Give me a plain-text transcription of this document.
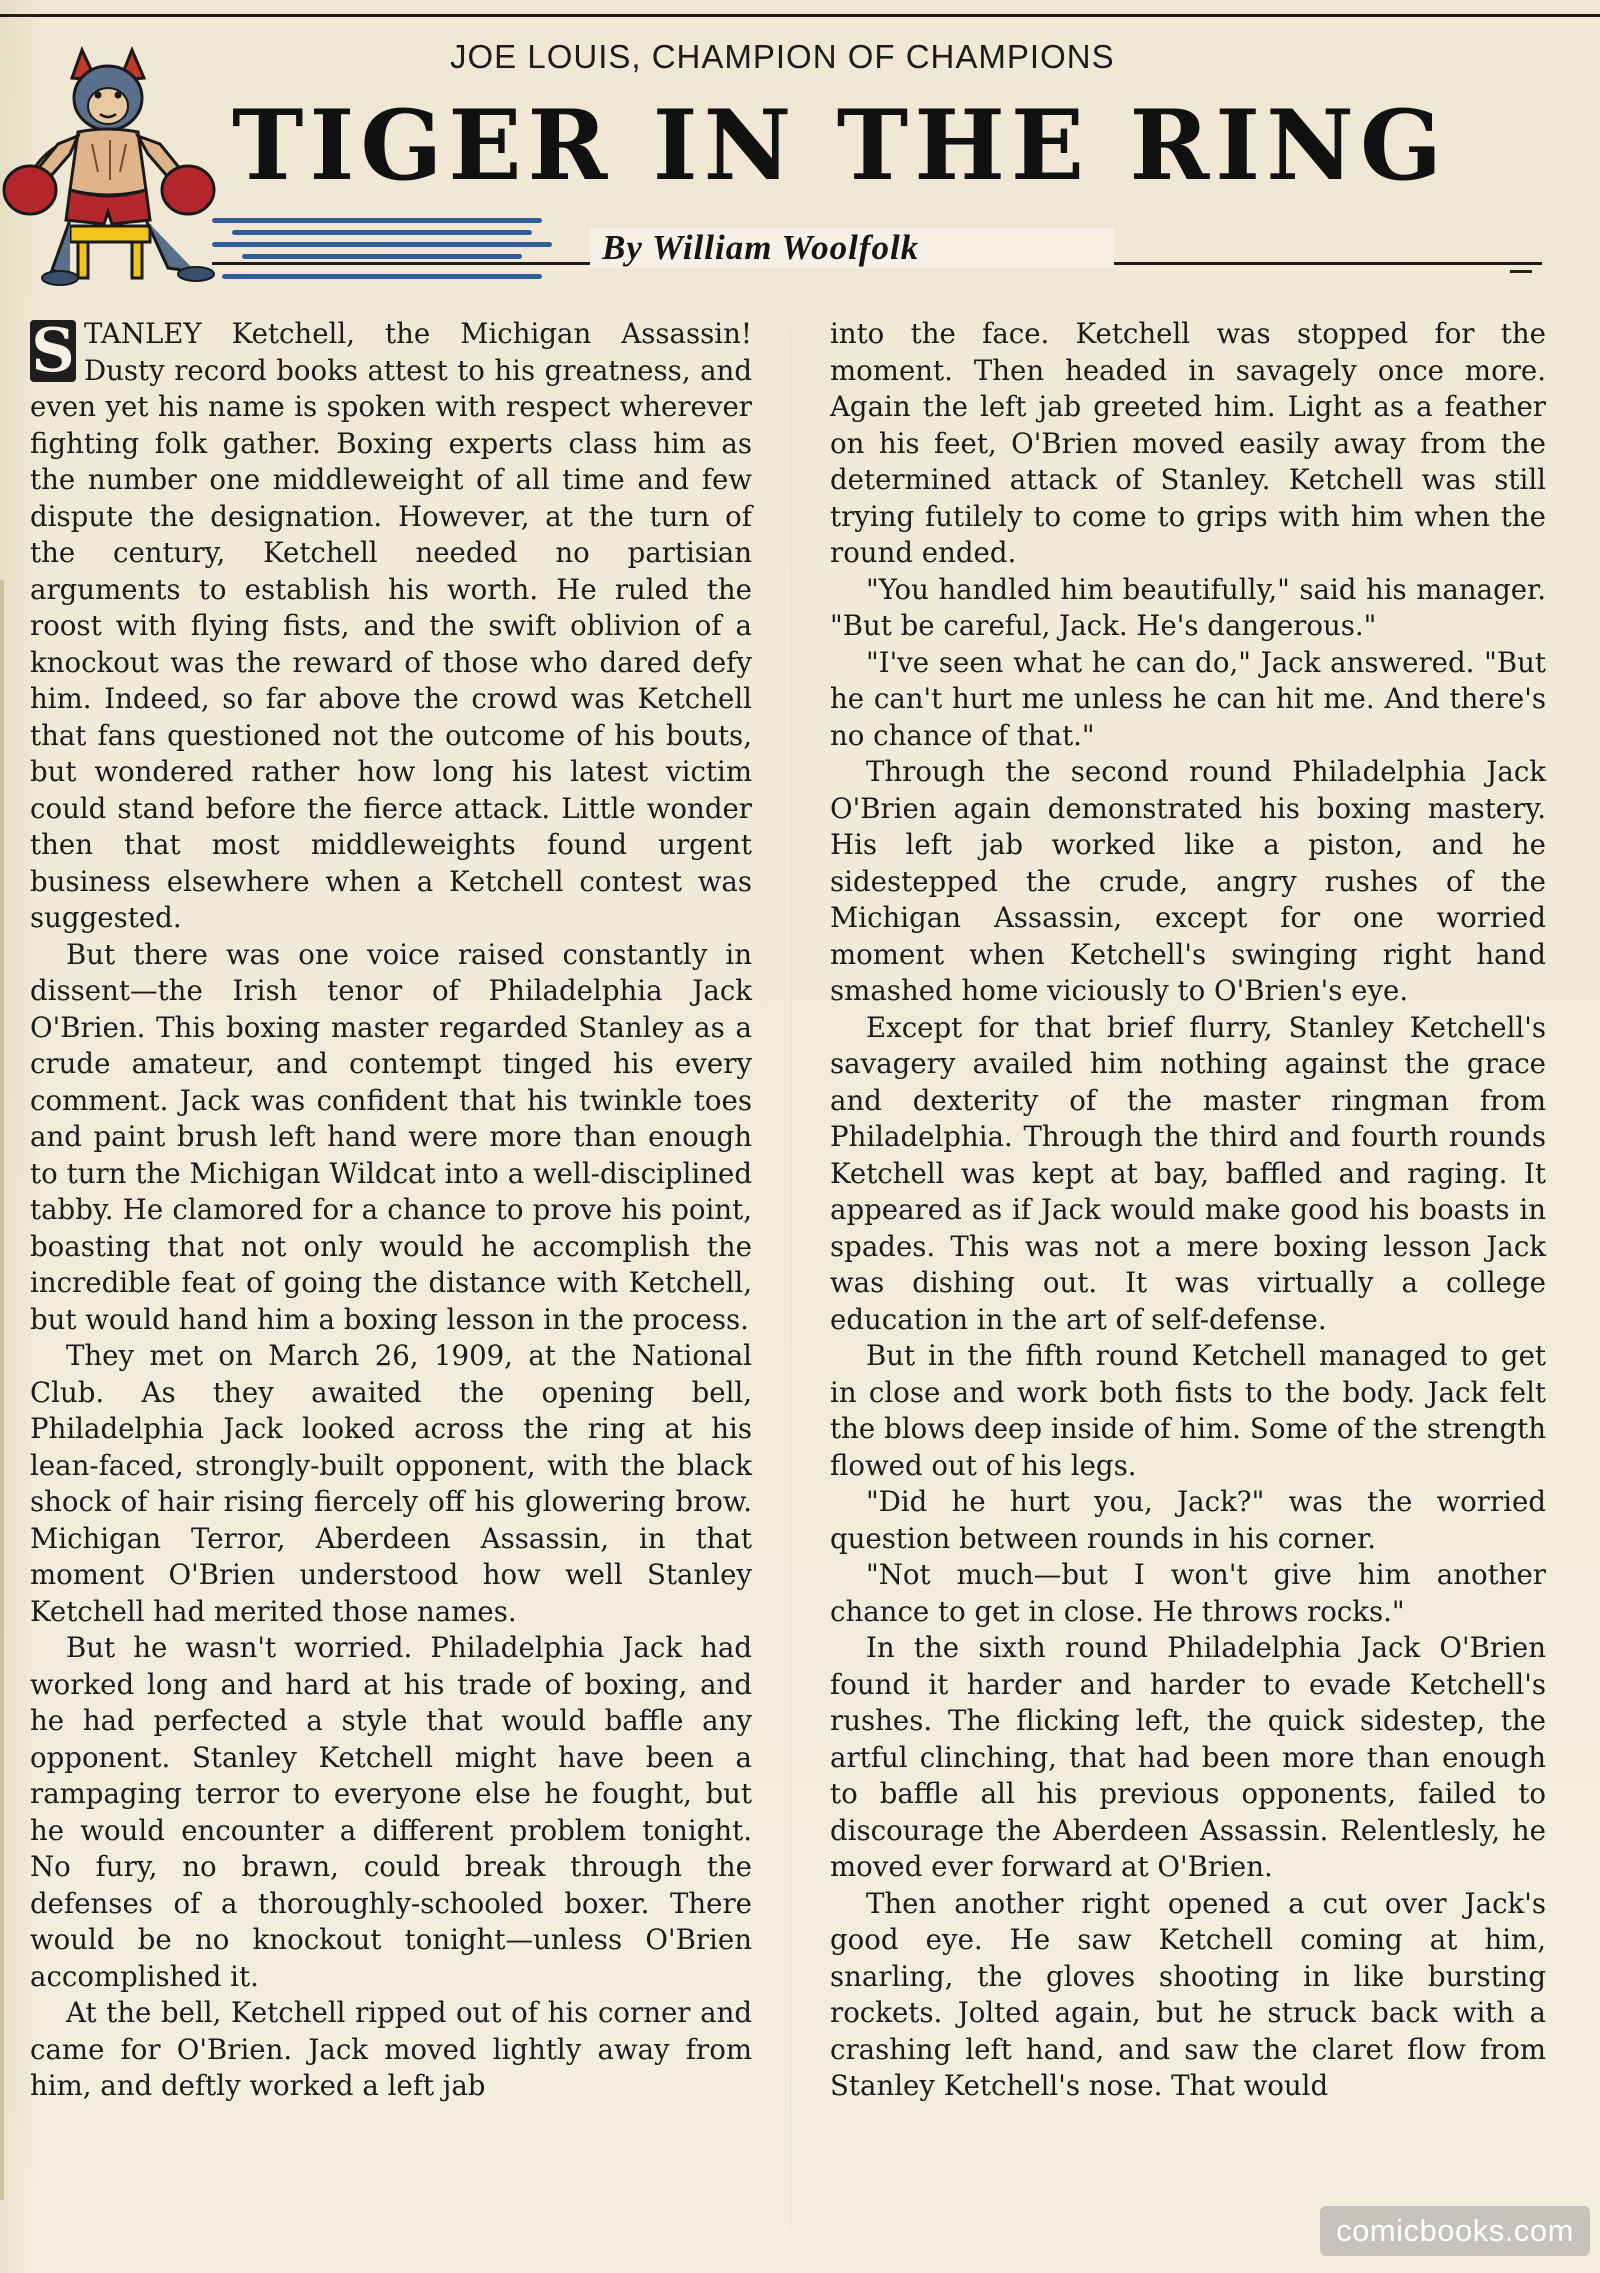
JOE LOUIS, CHAMPION OF CHAMPIONS
TIGER IN THE RING
By William Woolfolk

S TANLEY Ketchell, the Michigan Assassin! Dusty record books attest to his greatness, and even yet his name is spoken with respect wherever fighting folk gather. Boxing experts class him as the number one middleweight of all time and few dispute the designation. However, at the turn of the century, Ketchell needed no partisian arguments to establish his worth. He ruled the roost with flying fists, and the swift oblivion of a knockout was the reward of those who dared defy him. Indeed, so far above the crowd was Ketchell that fans questioned not the outcome of his bouts, but wondered rather how long his latest victim could stand before the fierce attack. Little wonder then that most middleweights found urgent business elsewhere when a Ketchell contest was suggested.

But there was one voice raised constantly in dissent—the Irish tenor of Philadelphia Jack O'Brien. This boxing master regarded Stanley as a crude amateur, and contempt tinged his every comment. Jack was confident that his twinkle toes and paint brush left hand were more than enough to turn the Michigan Wildcat into a well-disciplined tabby. He clamored for a chance to prove his point, boasting that not only would he accomplish the incredible feat of going the distance with Ketchell, but would hand him a boxing lesson in the process.

They met on March 26, 1909, at the National Club. As they awaited the opening bell, Philadelphia Jack looked across the ring at his lean-faced, strongly-built opponent, with the black shock of hair rising fiercely off his glowering brow. Michigan Terror, Aberdeen Assassin, in that moment O'Brien understood how well Stanley Ketchell had merited those names.

But he wasn't worried. Philadelphia Jack had worked long and hard at his trade of boxing, and he had perfected a style that would baffle any opponent. Stanley Ketchell might have been a rampaging terror to everyone else he fought, but he would encounter a different problem tonight. No fury, no brawn, could break through the defenses of a thoroughly-schooled boxer. There would be no knockout tonight—unless O'Brien accomplished it.

At the bell, Ketchell ripped out of his corner and came for O'Brien. Jack moved lightly away from him, and deftly worked a left jab

into the face. Ketchell was stopped for the moment. Then headed in savagely once more. Again the left jab greeted him. Light as a feather on his feet, O'Brien moved easily away from the determined attack of Stanley. Ketchell was still trying futilely to come to grips with him when the round ended.

"You handled him beautifully," said his manager. "But be careful, Jack. He's dangerous."

"I've seen what he can do," Jack answered. "But he can't hurt me unless he can hit me. And there's no chance of that."

Through the second round Philadelphia Jack O'Brien again demonstrated his boxing mastery. His left jab worked like a piston, and he sidestepped the crude, angry rushes of the Michigan Assassin, except for one worried moment when Ketchell's swinging right hand smashed home viciously to O'Brien's eye.

Except for that brief flurry, Stanley Ketchell's savagery availed him nothing against the grace and dexterity of the master ringman from Philadelphia. Through the third and fourth rounds Ketchell was kept at bay, baffled and raging. It appeared as if Jack would make good his boasts in spades. This was not a mere boxing lesson Jack was dishing out. It was virtually a college education in the art of self-defense.

But in the fifth round Ketchell managed to get in close and work both fists to the body. Jack felt the blows deep inside of him. Some of the strength flowed out of his legs.

"Did he hurt you, Jack?" was the worried question between rounds in his corner.

"Not much—but I won't give him another chance to get in close. He throws rocks."

In the sixth round Philadelphia Jack O'Brien found it harder and harder to evade Ketchell's rushes. The flicking left, the quick sidestep, the artful clinching, that had been more than enough to baffle all his previous opponents, failed to discourage the Aberdeen Assassin. Relentlesly, he moved ever forward at O'Brien.

Then another right opened a cut over Jack's good eye. He saw Ketchell coming at him, snarling, the gloves shooting in like bursting rockets. Jolted again, but he struck back with a crashing left hand, and saw the claret flow from Stanley Ketchell's nose. That would

comicbooks.com
